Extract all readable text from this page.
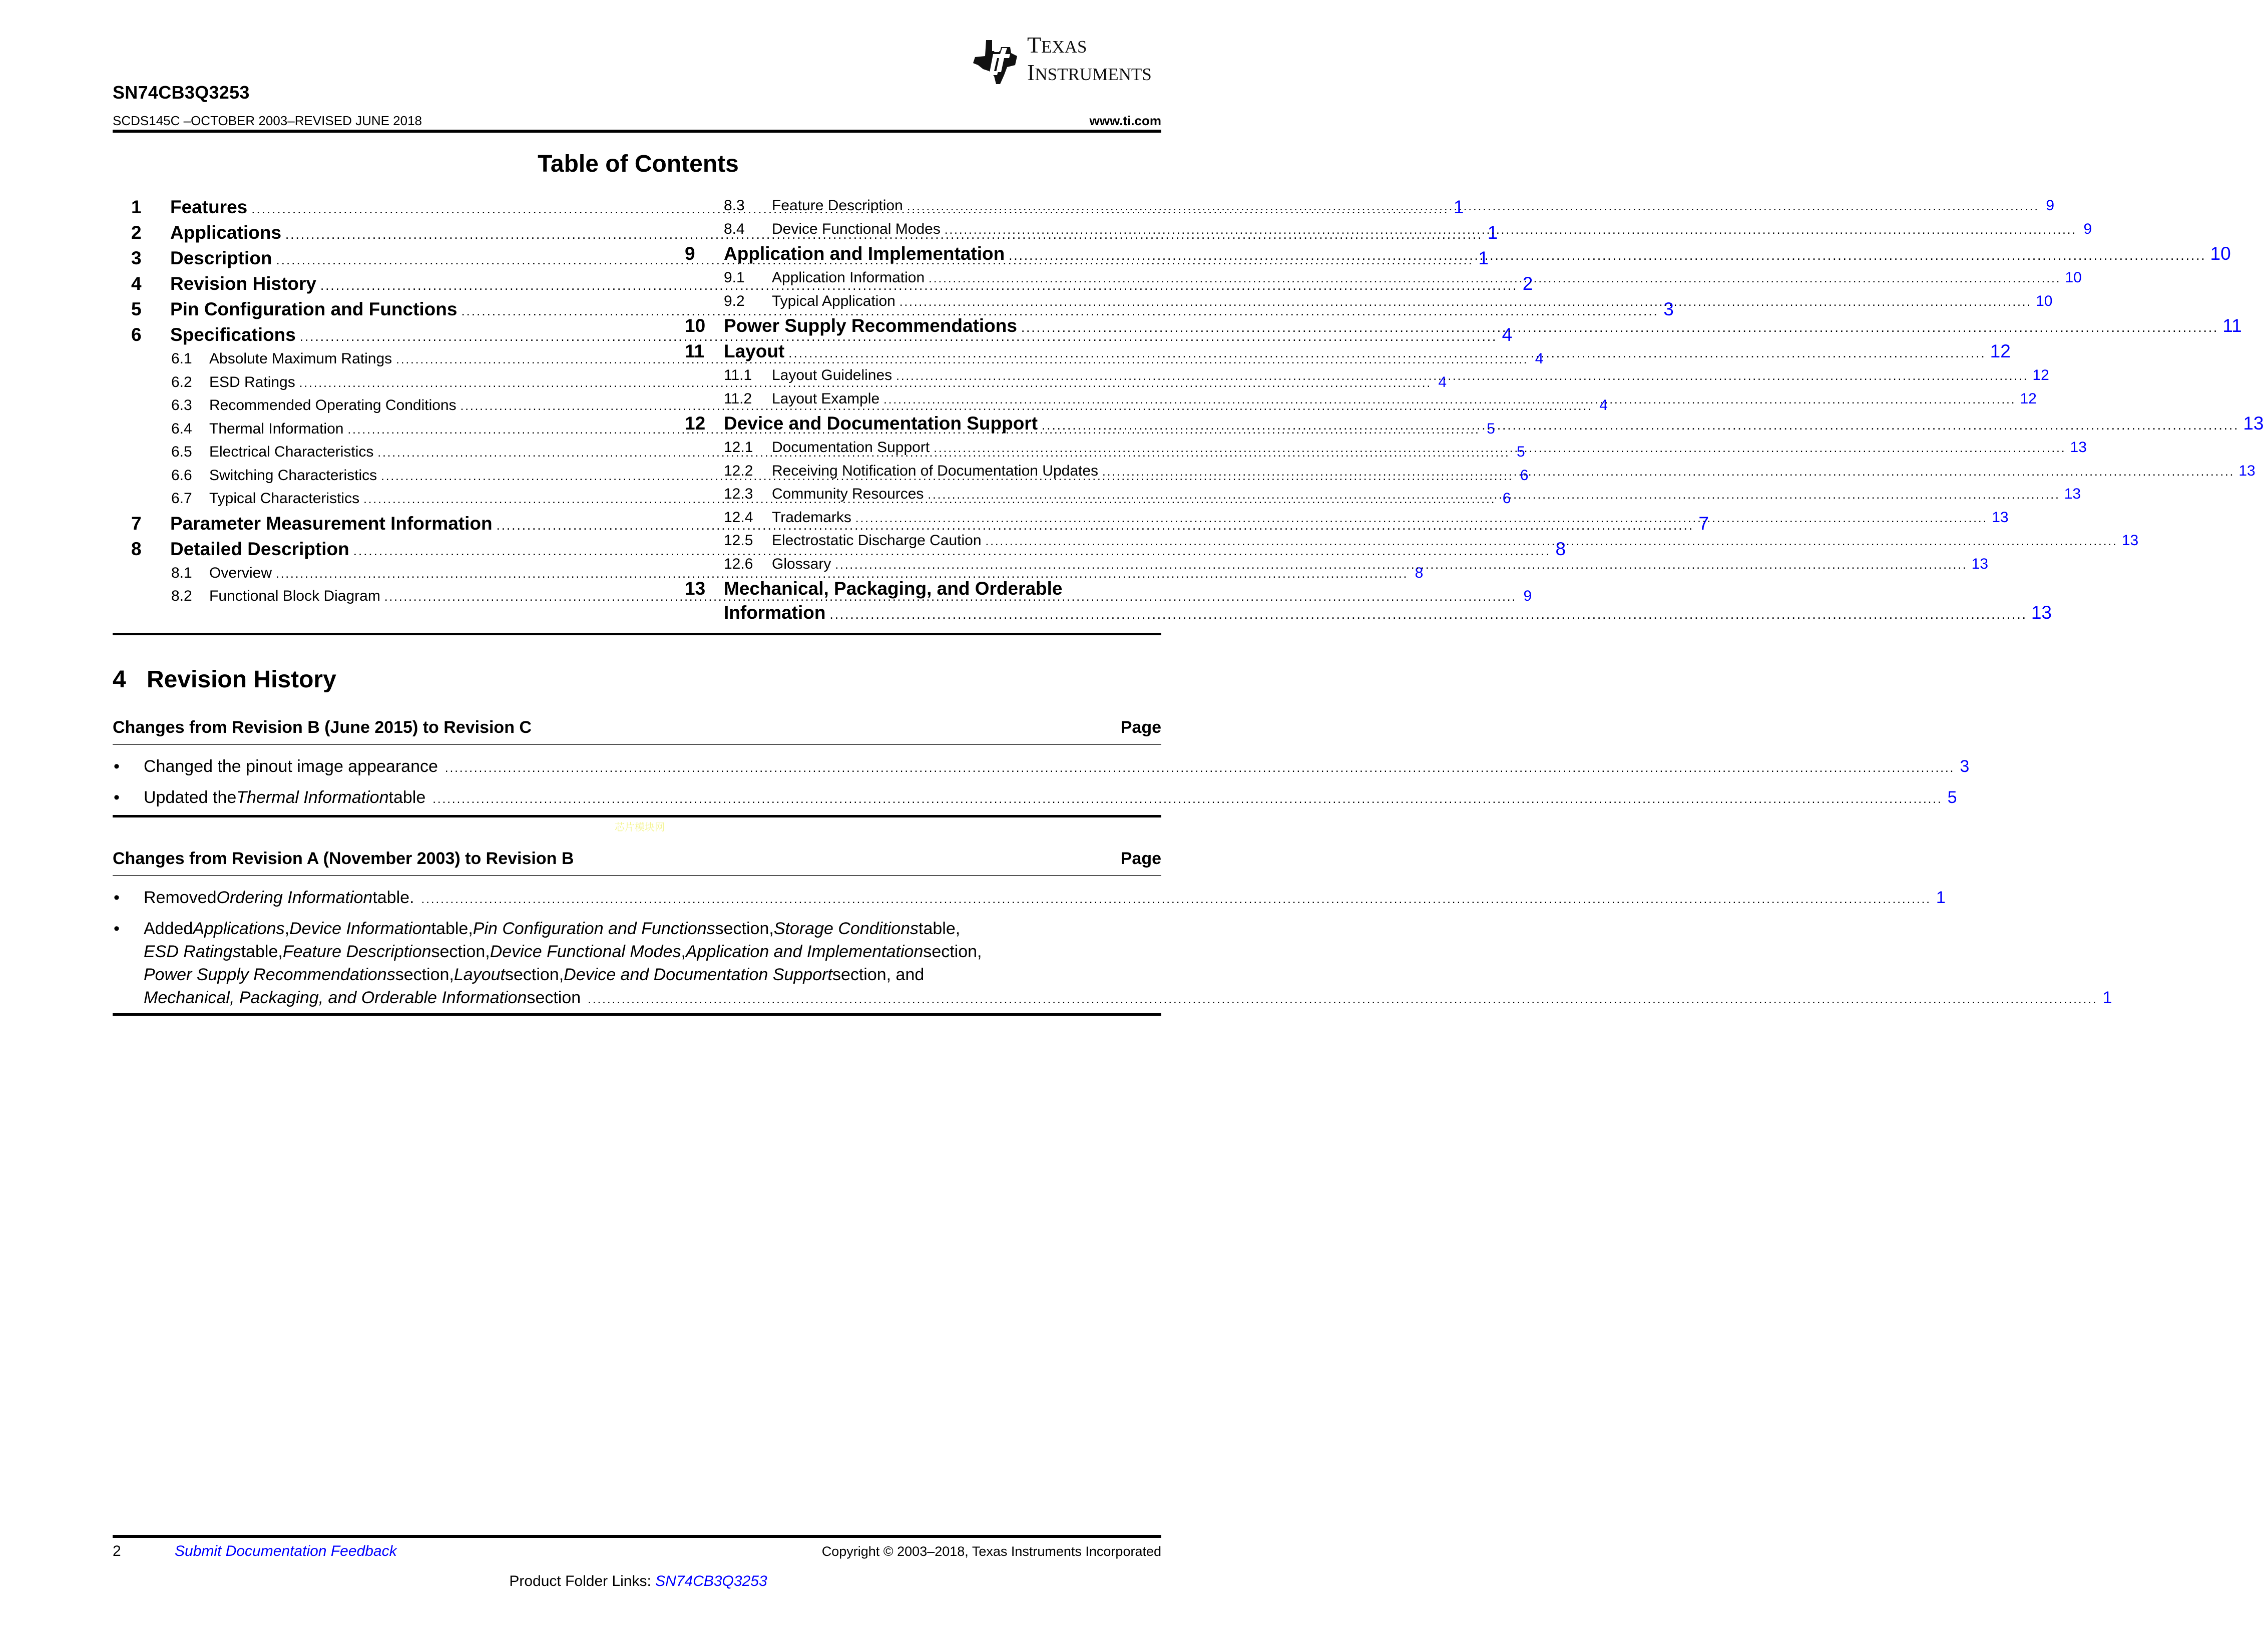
TEXAS
INSTRUMENTS
SN74CB3Q3253
SCDS145C –OCTOBER 2003–REVISED JUNE 2018	www.ti.com
Table of Contents
1	Features .....	1
2	Applications .....	1
3	Description .....	1
4	Revision History .....	2
5	Pin Configuration and Functions .....	3
6	Specifications .....	4
6.1	Absolute Maximum Ratings .....	4
6.2	ESD Ratings .....	4
6.3	Recommended Operating Conditions .....	4
6.4	Thermal Information .....	5
6.5	Electrical Characteristics .....	5
6.6	Switching Characteristics .....	6
6.7	Typical Characteristics .....	6
7	Parameter Measurement Information .....	7
8	Detailed Description .....	8
8.1	Overview .....	8
8.2	Functional Block Diagram .....	9
8.3	Feature Description .....	9
8.4	Device Functional Modes .....	9
9	Application and Implementation .....	10
9.1	Application Information .....	10
9.2	Typical Application .....	10
10 Power Supply Recommendations .....	11
11	Layout .....	12
11.1	Layout Guidelines .....	12
11.2	Layout Example .....	12
12 Device and Documentation Support .....	13
12.1	Documentation Support .....	13
12.2	Receiving Notification of Documentation Updates .....	13
12.3	Community Resources .....	13
12.4	Trademarks .....	13
12.5	Electrostatic Discharge Caution .....	13
12.6	Glossary .....	13
13 Mechanical, Packaging, and Orderable
Information .....	13
4 Revision History
Changes from Revision B (June 2015) to Revision C	Page
•	Changed the pinout image appearance .....	3
•	Updated the Thermal Information table .....	5
芯片模块网
Changes from Revision A (November 2003) to Revision B	Page
•	Removed Ordering Information table. .....	1
•	Added Applications , Device Information table, Pin Configuration and Functions section, Storage Conditions table,
ESD Ratings table, Feature Description section, Device Functional Modes , Application and Implementation section,
Power Supply Recommendations section, Layout section, Device and Documentation Support section, and
Mechanical, Packaging, and Orderable Information section .....	1
2	Submit Documentation Feedback	Copyright © 2003–2018, Texas Instruments Incorporated
Product Folder Links: SN74CB3Q3253
